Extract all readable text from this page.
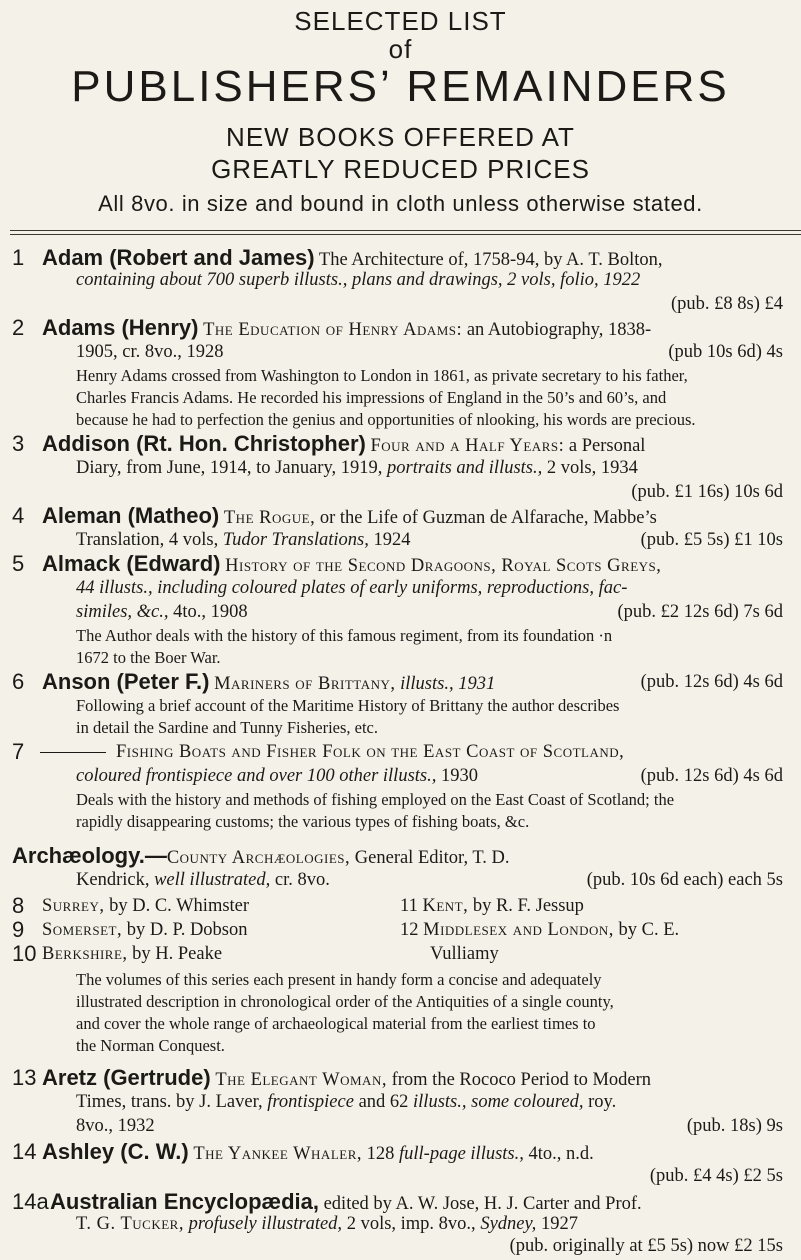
SELECTED LIST
of
PUBLISHERS’ REMAINDERS
NEW BOOKS OFFERED AT
GREATLY REDUCED PRICES
All 8vo. in size and bound in cloth unless otherwise stated.
1 Adam (Robert and James) The Architecture of, 1758-94, by A. T. Bolton,
containing about 700 superb illusts., plans and drawings, 2 vols, folio, 1922
(pub. £8 8s) £4
2 Adams (Henry) The Education of Henry Adams: an Autobiography, 1838-
1905, cr. 8vo., 1928	(pub 10s 6d) 4s
Henry Adams crossed from Washington to London in 1861, as private secretary to his father,
Charles Francis Adams. He recorded his impressions of England in the 50’s and 60’s, and
because he had to perfection the genius and opportunities of nlooking, his words are precious.
3 Addison (Rt. Hon. Christopher) Four and a Half Years: a Personal
Diary, from June, 1914, to January, 1919, portraits and illusts., 2 vols, 1934
(pub. £1 16s) 10s 6d
4 Aleman (Matheo) The Rogue, or the Life of Guzman de Alfarache, Mabbe’s
Translation, 4 vols, Tudor Translations, 1924	(pub. £5 5s) £1 10s
5 Almack (Edward) History of the Second Dragoons, Royal Scots Greys,
44 illusts., including coloured plates of early uniforms, reproductions, fac-
similes, &c., 4to., 1908	(pub. £2 12s 6d) 7s 6d
The Author deals with the history of this famous regiment, from its foundation ·n
1672 to the Boer War.
6 Anson (Peter F.) Mariners of Brittany, illusts., 1931	(pub. 12s 6d) 4s 6d
Following a brief account of the Maritime History of Brittany the author describes
in detail the Sardine and Tunny Fisheries, etc.
7	Fishing Boats and Fisher Folk on the East Coast of Scotland,
coloured frontispiece and over 100 other illusts., 1930	(pub. 12s 6d) 4s 6d
Deals with the history and methods of fishing employed on the East Coast of Scotland; the
rapidly disappearing customs; the various types of fishing boats, &c.
Archæology.—County Archæologies, General Editor, T. D.
Kendrick, well illustrated, cr. 8vo.	(pub. 10s 6d each) each 5s
8 Surrey, by D. C. Whimster	11 Kent, by R. F. Jessup
9 Somerset, by D. P. Dobson	12 Middlesex and London, by C. E.
10 Berkshire, by H. Peake	Vulliamy
The volumes of this series each present in handy form a concise and adequately
illustrated description in chronological order of the Antiquities of a single county,
and cover the whole range of archaeological material from the earliest times to
the Norman Conquest.
13 Aretz (Gertrude) The Elegant Woman, from the Rococo Period to Modern
Times, trans. by J. Laver, frontispiece and 62 illusts., some coloured, roy.
8vo., 1932	(pub. 18s) 9s
14 Ashley (C. W.) The Yankee Whaler, 128 full-page illusts., 4to., n.d.
(pub. £4 4s) £2 5s
14a Australian Encyclopædia, edited by A. W. Jose, H. J. Carter and Prof.
T. G. Tucker, profusely illustrated, 2 vols, imp. 8vo., Sydney, 1927
(pub. originally at £5 5s) now £2 15s
